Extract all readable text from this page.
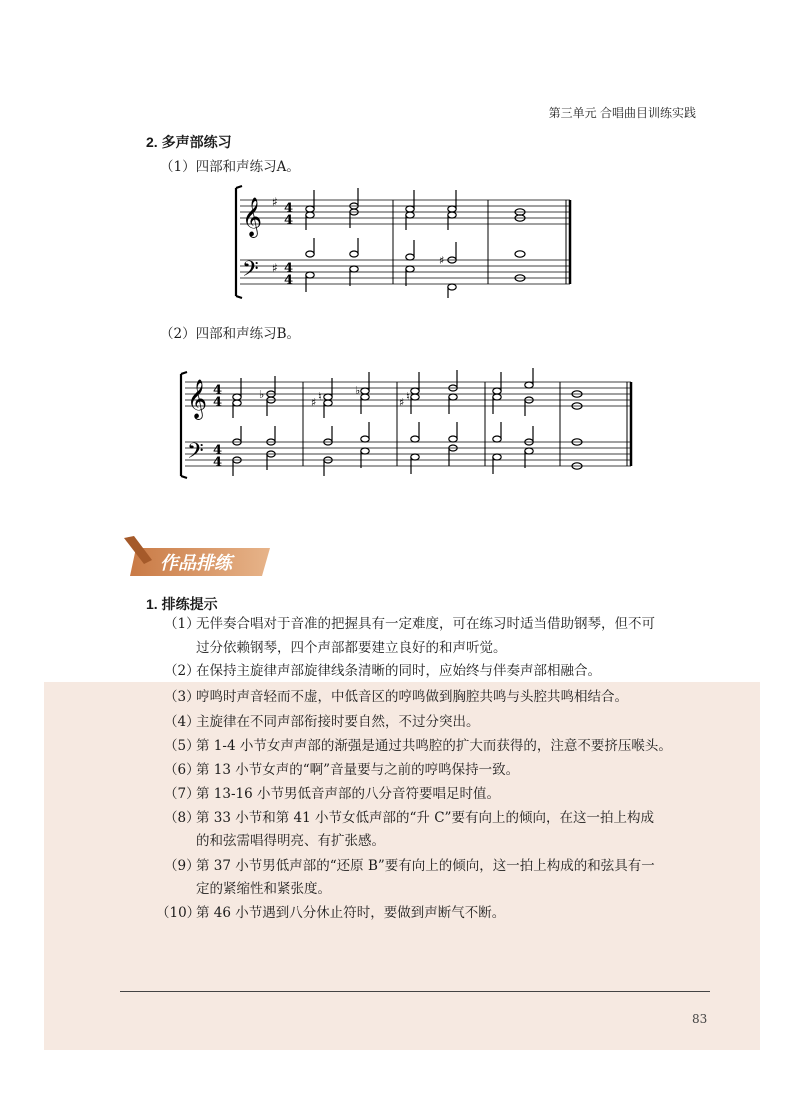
第三单元 合唱曲目训练实践
2. 多声部练习
（1）四部和声练习A。
𝄞
𝄢
♯
♯
4
4
4
4
♯
（2）四部和声练习B。
𝄞
𝄢
4
4
4
4
♭
♯ ♮	♭
♯ ♮
作品排练
1. 排练提示
（1）
无伴奏合唱对于音准的把握具有一定难度，可在练习时适当借助钢琴，但不可
过分依赖钢琴，四个声部都要建立良好的和声听觉。
（2）
在保持主旋律声部旋律线条清晰的同时，应始终与伴奏声部相融合。
（3）
哼鸣时声音轻而不虚，中低音区的哼鸣做到胸腔共鸣与头腔共鸣相结合。
（4）
主旋律在不同声部衔接时要自然，不过分突出。
（5）
第 1-4 小节女声声部的渐强是通过共鸣腔的扩大而获得的，注意不要挤压喉头。
（6）
第 13 小节女声的“啊”音量要与之前的哼鸣保持一致。
（7）
第 13-16 小节男低音声部的八分音符要唱足时值。
（8）
第 33 小节和第 41 小节女低声部的“升 C”要有向上的倾向，在这一拍上构成
的和弦需唱得明亮、有扩张感。
（9）
第 37 小节男低声部的“还原 B”要有向上的倾向，这一拍上构成的和弦具有一
定的紧缩性和紧张度。
（10）
第 46 小节遇到八分休止符时，要做到声断气不断。
83
